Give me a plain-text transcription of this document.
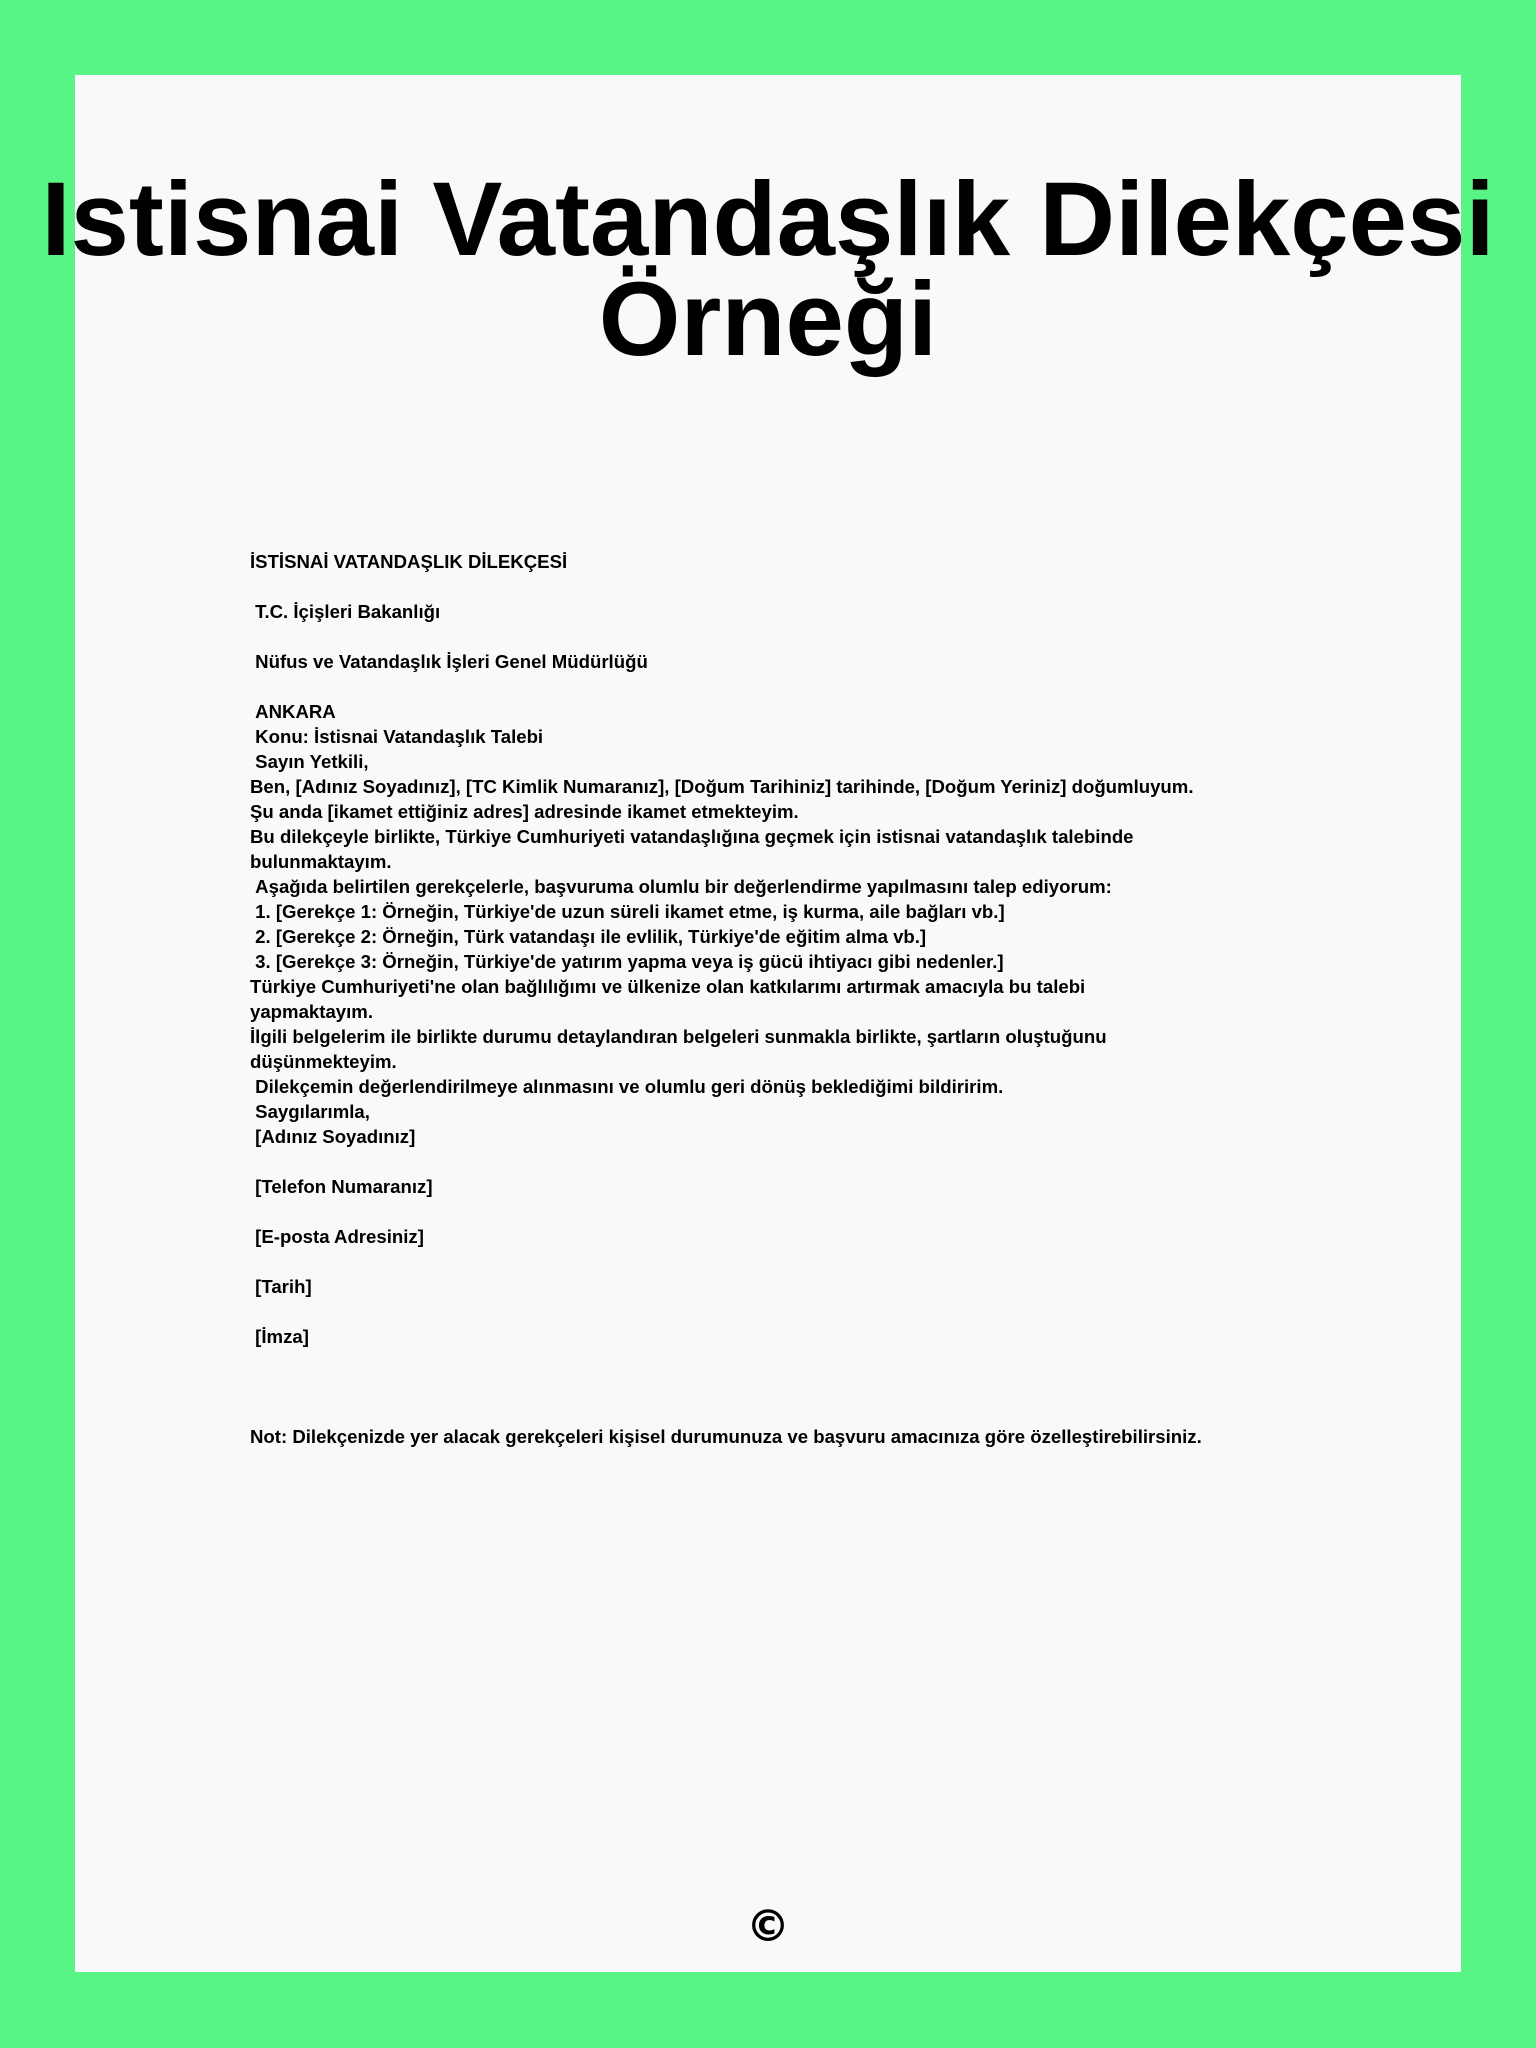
Istisnai Vatandaşlık Dilekçesi
Örneği
İSTİSNAİ VATANDAŞLIK DİLEKÇESİ

T.C. İçişleri Bakanlığı

Nüfus ve Vatandaşlık İşleri Genel Müdürlüğü

ANKARA
Konu: İstisnai Vatandaşlık Talebi
Sayın Yetkili,
Ben, [Adınız Soyadınız], [TC Kimlik Numaranız], [Doğum Tarihiniz] tarihinde, [Doğum Yeriniz] doğumluyum.
Şu anda [ikamet ettiğiniz adres] adresinde ikamet etmekteyim.
Bu dilekçeyle birlikte, Türkiye Cumhuriyeti vatandaşlığına geçmek için istisnai vatandaşlık talebinde
bulunmaktayım.
Aşağıda belirtilen gerekçelerle, başvuruma olumlu bir değerlendirme yapılmasını talep ediyorum:
1. [Gerekçe 1: Örneğin, Türkiye'de uzun süreli ikamet etme, iş kurma, aile bağları vb.]
2. [Gerekçe 2: Örneğin, Türk vatandaşı ile evlilik, Türkiye'de eğitim alma vb.]
3. [Gerekçe 3: Örneğin, Türkiye'de yatırım yapma veya iş gücü ihtiyacı gibi nedenler.]
Türkiye Cumhuriyeti'ne olan bağlılığımı ve ülkenize olan katkılarımı artırmak amacıyla bu talebi
yapmaktayım.
İlgili belgelerim ile birlikte durumu detaylandıran belgeleri sunmakla birlikte, şartların oluştuğunu
düşünmekteyim.
Dilekçemin değerlendirilmeye alınmasını ve olumlu geri dönüş beklediğimi bildiririm.
Saygılarımla,
[Adınız Soyadınız]

[Telefon Numaranız]

[E-posta Adresiniz]

[Tarih]

[İmza]

Not: Dilekçenizde yer alacak gerekçeleri kişisel durumunuza ve başvuru amacınıza göre özelleştirebilirsiniz.
©
